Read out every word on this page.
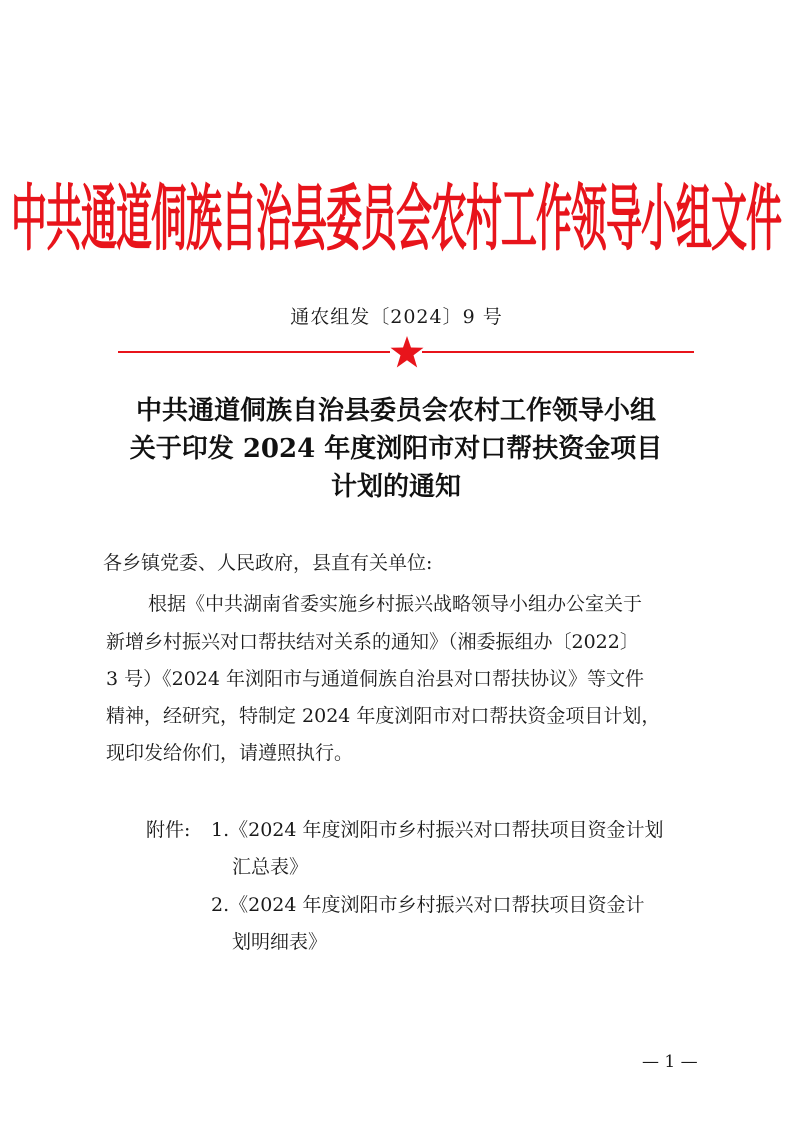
中共通道侗族自治县委员会农村工作领导小组文件
通农组发〔2024〕9 号
中共通道侗族自治县委员会农村工作领导小组
关于印发 2024 年度浏阳市对口帮扶资金项目
计划的通知
各乡镇党委、人民政府，县直有关单位:
根据《中共湖南省委实施乡村振兴战略领导小组办公室关于
新增乡村振兴对口帮扶结对关系的通知》（湘委振组办〔2022〕
3 号）《2024 年浏阳市与通道侗族自治县对口帮扶协议》等文件
精神，经研究，特制定 2024 年度浏阳市对口帮扶资金项目计划，
现印发给你们，请遵照执行。
附件: 1.《2024 年度浏阳市乡村振兴对口帮扶项目资金计划
汇总表》
2.《2024 年度浏阳市乡村振兴对口帮扶项目资金计
划明细表》
— 1 —
